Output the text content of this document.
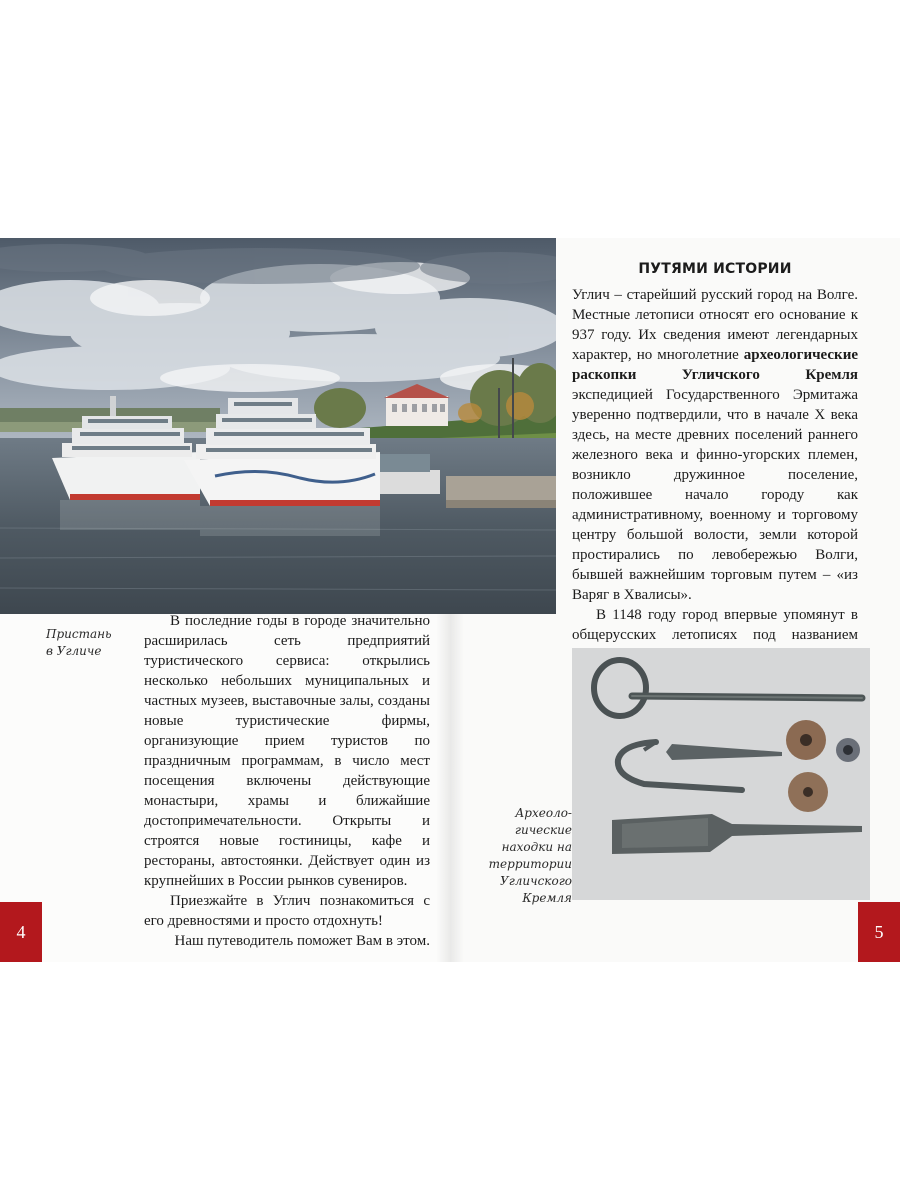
Пристань
в Угличе

В последние годы в городе значительно расширилась сеть предприятий туристического сервиса: открылись несколько небольших муниципальных и частных музеев, выставочные залы, созданы новые туристические фирмы, организующие прием туристов по праздничным программам, в число мест посещения включены действующие монастыри, храмы и ближайшие достопримечательности. Открыты и строятся новые гостиницы, кафе и рестораны, автостоянки. Действует один из крупнейших в России рынков сувениров.

Приезжайте в Углич познакомиться с его древностями и просто отдохнуть!

Наш путеводитель поможет Вам в этом.

ПУТЯМИ ИСТОРИИ

Углич – старейший русский город на Волге. Местные летописи относят его основание к 937 году. Их сведения имеют легендарных характер, но многолетние археологические раскопки Угличского Кремля экспедицией Государственного Эрмитажа уверенно подтвердили, что в начале X века здесь, на месте древних поселений раннего железного века и финно-угорских племен, возникло дружинное поселение, положившее начало городу как административному, военному и торговому центру большой волости, земли которой простирались по левобережью Волги, бывшей важнейшим торговым путем – «из Варяг в Хвалисы».

В 1148 году город впервые упомянут в общерусских летописях под названием

Археоло-
гические
находки на
территории
Угличского
Кремля

4	5
